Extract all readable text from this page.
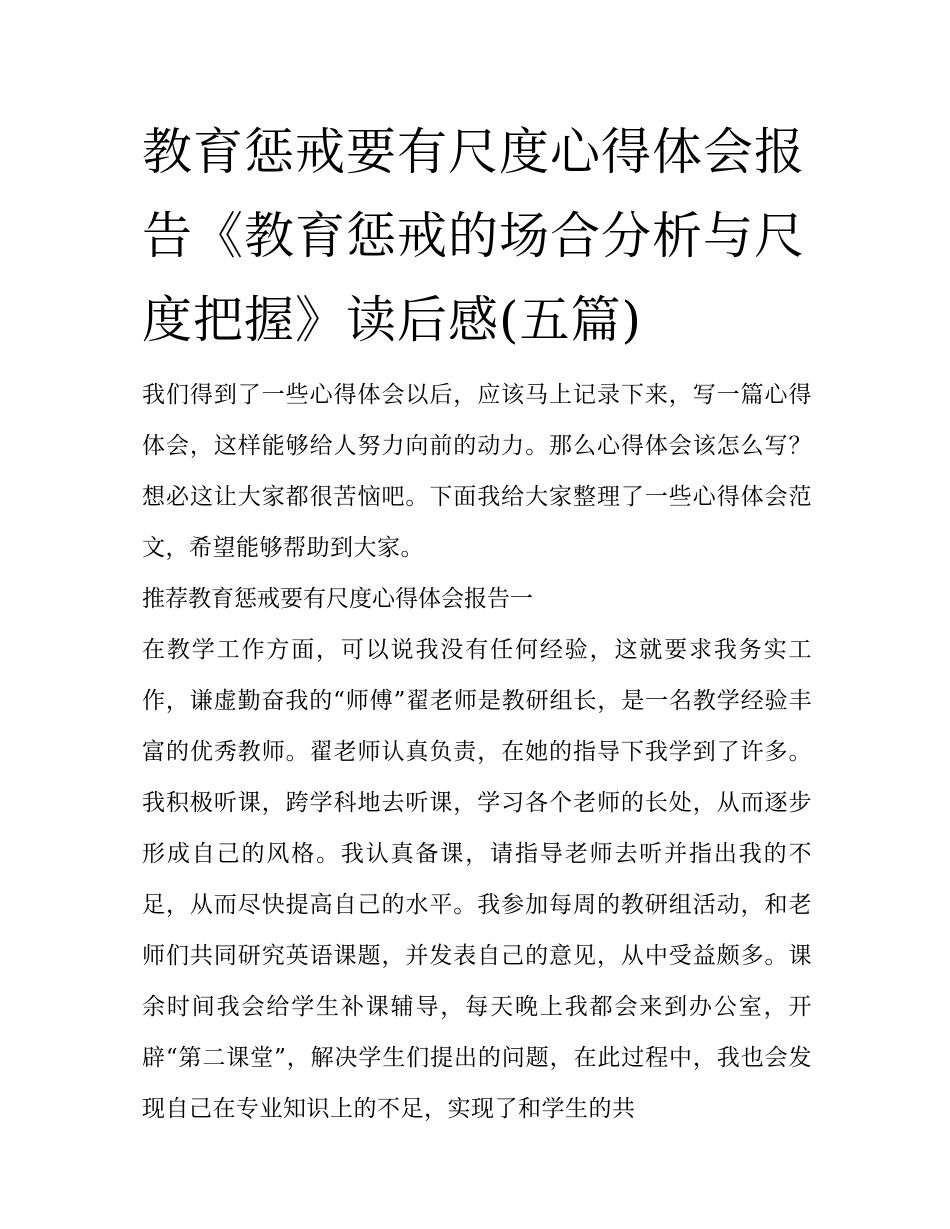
教育惩戒要有尺度心得体会报告《教育惩戒的场合分析与尺度把握》读后感(五篇)

我们得到了一些心得体会以后，应该马上记录下来，写一篇心得体会，这样能够给人努力向前的动力。那么心得体会该怎么写？想必这让大家都很苦恼吧。下面我给大家整理了一些心得体会范文，希望能够帮助到大家。

推荐教育惩戒要有尺度心得体会报告一

在教学工作方面，可以说我没有任何经验，这就要求我务实工作，谦虚勤奋我的“师傅”翟老师是教研组长，是一名教学经验丰富的优秀教师。翟老师认真负责，在她的指导下我学到了许多。我积极听课，跨学科地去听课，学习各个老师的长处，从而逐步形成自己的风格。我认真备课，请指导老师去听并指出我的不足，从而尽快提高自己的水平。我参加每周的教研组活动，和老师们共同研究英语课题，并发表自己的意见，从中受益颇多。课余时间我会给学生补课辅导，每天晚上我都会来到办公室，开辟“第二课堂”，解决学生们提出的问题，在此过程中，我也会发现自己在专业知识上的不足，实现了和学生的共
